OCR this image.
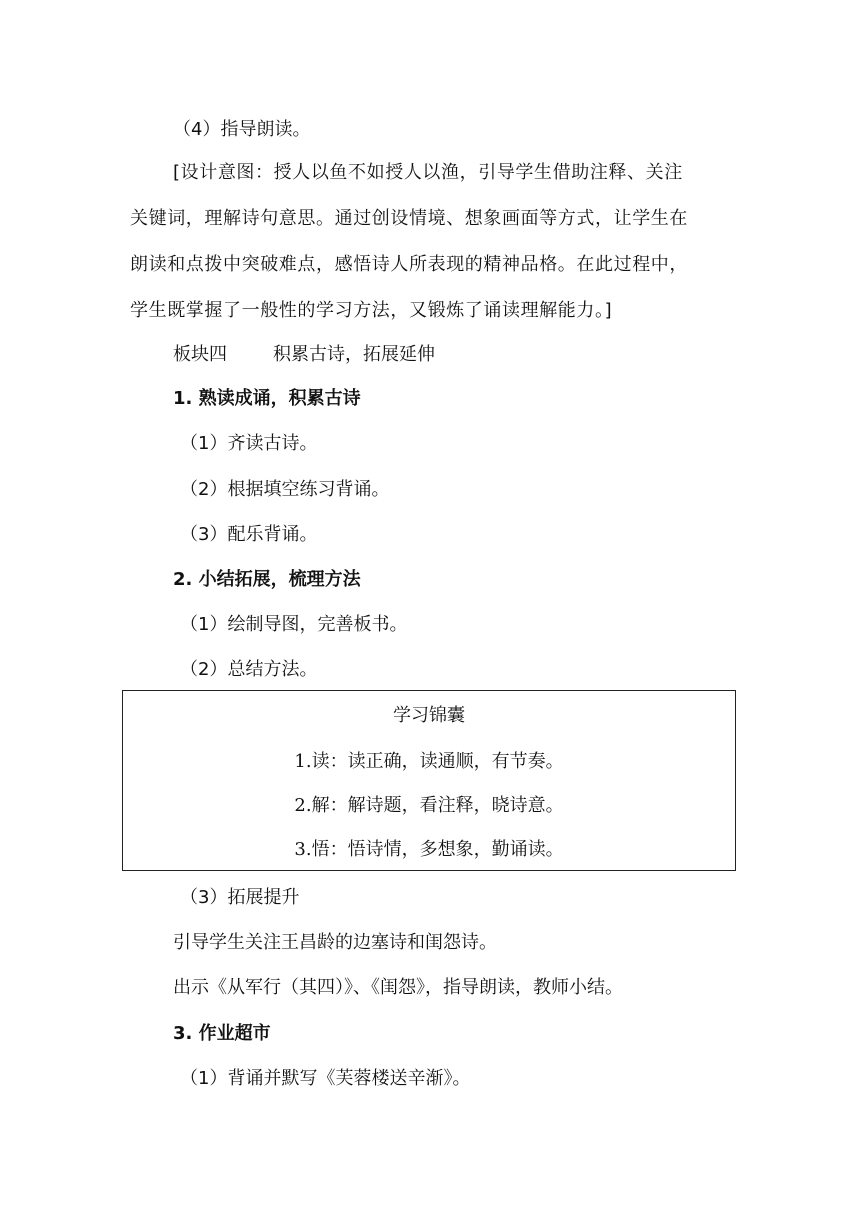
（4）指导朗读。
[设计意图：授人以鱼不如授人以渔，引导学生借助注释、关注
关键词，理解诗句意思。通过创设情境、想象画面等方式，让学生在
朗读和点拨中突破难点，感悟诗人所表现的精神品格。在此过程中，
学生既掌握了一般性的学习方法，又锻炼了诵读理解能力。]
板块四	积累古诗，拓展延伸
1. 熟读成诵，积累古诗
（1）齐读古诗。
（2）根据填空练习背诵。
（3）配乐背诵。
2. 小结拓展，梳理方法
（1）绘制导图，完善板书。
（2）总结方法。
学习锦囊
1.读：读正确，读通顺，有节奏。
2.解：解诗题，看注释，晓诗意。
3.悟：悟诗情，多想象，勤诵读。
（3）拓展提升
引导学生关注王昌龄的边塞诗和闺怨诗。
出示《从军行（其四）》、《闺怨》，指导朗读，教师小结。
3. 作业超市
（1）背诵并默写《芙蓉楼送辛渐》。
